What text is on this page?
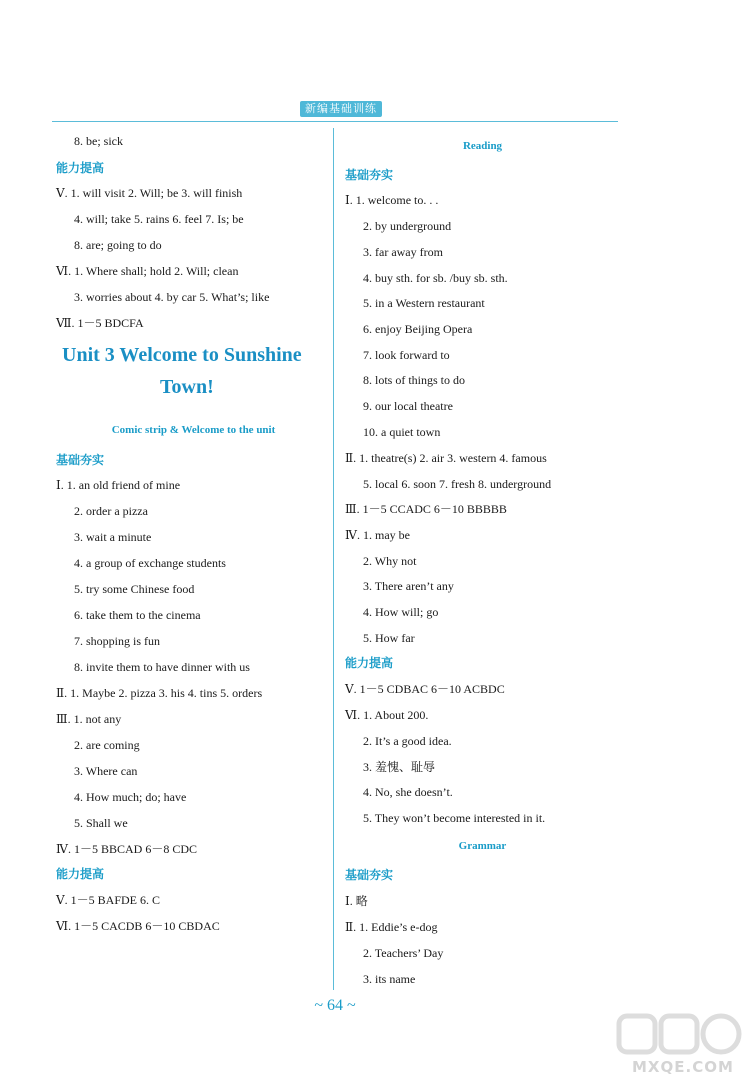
新编基础训练
8. be; sick
能力提高
Ⅴ. 1. will visit 2. Will; be 3. will finish
4. will; take 5. rains 6. feel 7. Is; be
8. are; going to do
Ⅵ. 1. Where shall; hold 2. Will; clean
3. worries about 4. by car 5. What’s; like
Ⅶ. 1－5 BDCFA
Unit 3 Welcome to Sunshine
Town!
Comic strip & Welcome to the unit
基础夯实
Ⅰ. 1. an old friend of mine
2. order a pizza
3. wait a minute
4. a group of exchange students
5. try some Chinese food
6. take them to the cinema
7. shopping is fun
8. invite them to have dinner with us
Ⅱ. 1. Maybe 2. pizza 3. his 4. tins 5. orders
Ⅲ. 1. not any
2. are coming
3. Where can
4. How much; do; have
5. Shall we
Ⅳ. 1－5 BBCAD 6－8 CDC
能力提高
Ⅴ. 1－5 BAFDE 6. C
Ⅵ. 1－5 CACDB 6－10 CBDAC
Reading
基础夯实
Ⅰ. 1. welcome to. . .
2. by underground
3. far away from
4. buy sth. for sb. /buy sb. sth.
5. in a Western restaurant
6. enjoy Beijing Opera
7. look forward to
8. lots of things to do
9. our local theatre
10. a quiet town
Ⅱ. 1. theatre(s) 2. air 3. western 4. famous
5. local 6. soon 7. fresh 8. underground
Ⅲ. 1－5 CCADC 6－10 BBBBB
Ⅳ. 1. may be
2. Why not
3. There aren’t any
4. How will; go
5. How far
能力提高
Ⅴ. 1－5 CDBAC 6－10 ACBDC
Ⅵ. 1. About 200.
2. It’s a good idea.
3. 羞愧、耻辱
4. No, she doesn’t.
5. They won’t become interested in it.
Grammar
基础夯实
Ⅰ. 略
Ⅱ. 1. Eddie’s e-dog
2. Teachers’ Day
3. its name
~ 64 ~
MXQE.COM
